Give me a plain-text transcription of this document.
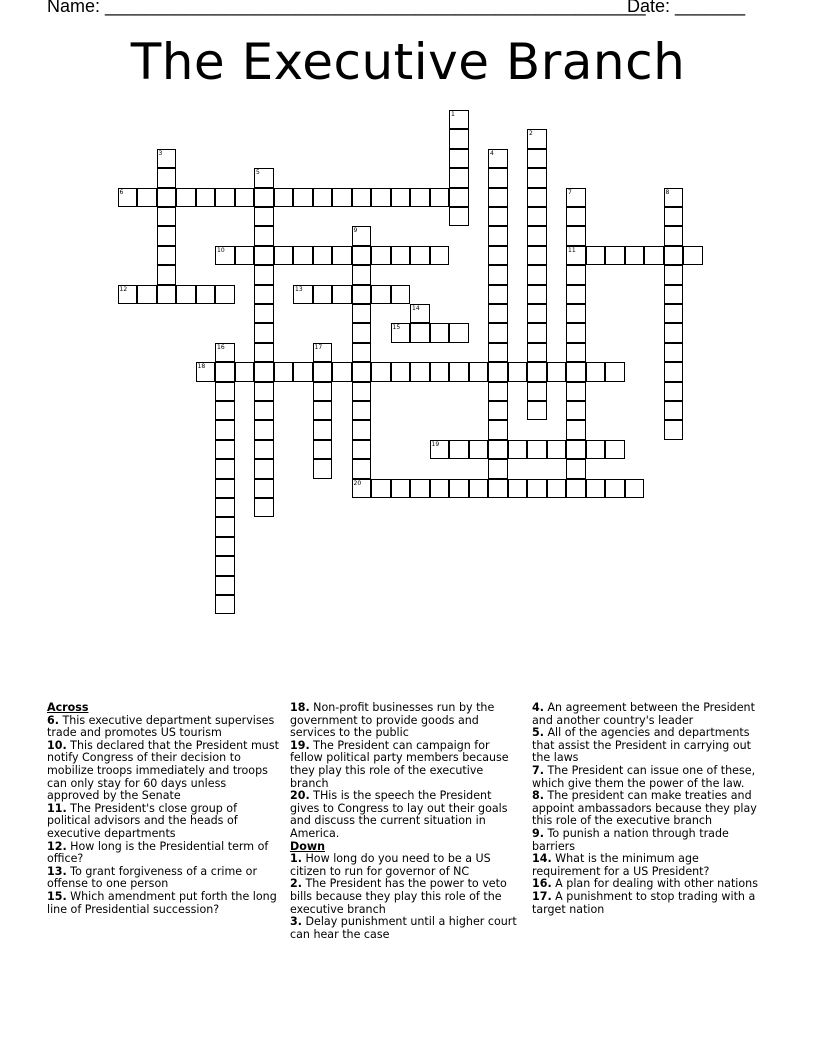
Name: ______________________________________________________
Date: _______
The Executive Branch
6
10	11
12	13
15
18
19
20
1
2
3	4
5
7	8
9
14
16	17
Across
6. This executive department supervises trade and promotes US tourism
10. This declared that the President must notify Congress of their decision to mobilize troops immediately and troops can only stay for 60 days unless approved by the Senate
11. The President's close group of political advisors and the heads of executive departments
12. How long is the Presidential term of office?
13. To grant forgiveness of a crime or offense to one person
15. Which amendment put forth the long line of Presidential succession?
18. Non-profit businesses run by the government to provide goods and services to the public
19. The President can campaign for fellow political party members because they play this role of the executive branch
20. THis is the speech the President gives to Congress to lay out their goals and discuss the current situation in America.
Down
1. How long do you need to be a US citizen to run for governor of NC
2. The President has the power to veto bills because they play this role of the executive branch
3. Delay punishment until a higher court can hear the case
4. An agreement between the President and another country's leader
5. All of the agencies and departments that assist the President in carrying out the laws
7. The President can issue one of these, which give them the power of the law.
8. The president can make treaties and appoint ambassadors because they play this role of the executive branch
9. To punish a nation through trade barriers
14. What is the minimum age requirement for a US President?
16. A plan for dealing with other nations
17. A punishment to stop trading with a target nation
